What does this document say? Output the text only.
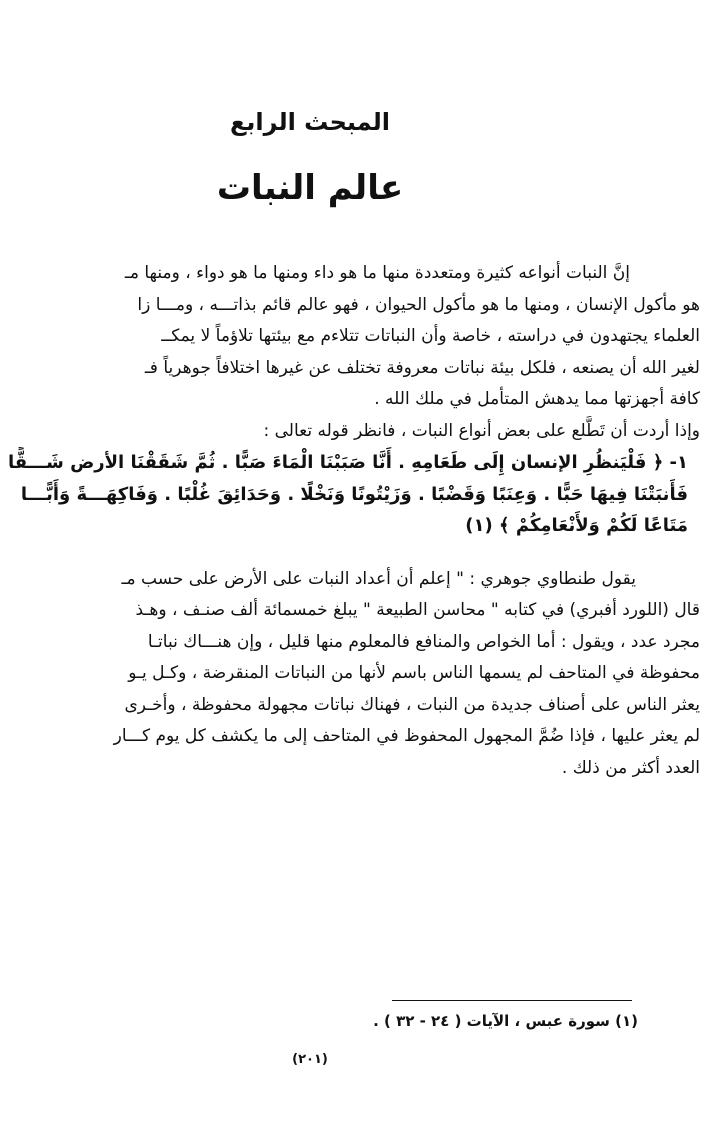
المبحث الرابع
عالم النبات
إنَّ النبات أنواعه كثيرة ومتعددة منها ما هو داء ومنها ما هو دواء ، ومنها مـ
هو مأكول الإنسان ، ومنها ما هو مأكول الحيوان ، فهو عالم قائم بذاتـــه ، ومـــا زا
العلماء يجتهدون في دراسته ، خاصة وأن النباتات تتلاءم مع بيئتها تلاؤماً لا يمكــ
لغير الله أن يصنعه ، فلكل بيئة نباتات معروفة تختلف عن غيرها اختلافاً جوهرياً فـ
كافة أجهزتها مما يدهش المتأمل في ملك الله .
وإذا أردت أن تَطَّلع على بعض أنواع النبات ، فانظر قوله تعالى :
١- ﴿ فَلْيَنظُرِ الإنسان إِلَى طَعَامِهِ . أَنَّا صَبَبْنَا الْمَاءَ صَبًّا . ثُمَّ شَقَقْنَا الأرض شَـــقًّا
فَأَنبَتْنَا فِيهَا حَبًّا . وَعِنَبًا وَقَضْبًا . وَزَيْتُونًا وَنَخْلًا . وَحَدَائِقَ غُلْبًا . وَفَاكِهَـــةً وَأَبًّـــا
مَتَاعًا لَكُمْ وَلأَنْعَامِكُمْ ﴾ (١)
يقول طنطاوي جوهري : " إعلم أن أعداد النبات على الأرض على حسب مـ
قال (اللورد أفبري) في كتابه " محاسن الطبيعة " يبلغ خمسمائة ألف صنـف ، وهـذ
مجرد عدد ، ويقول : أما الخواص والمنافع فالمعلوم منها قليل ، وإن هنـــاك نباتـا
محفوظة في المتاحف لم يسمها الناس باسم لأنها من النباتات المنقرضة ، وكـل يـو
يعثر الناس على أصناف جديدة من النبات ، فهناك نباتات مجهولة محفوظة ، وأخـرى
لم يعثر عليها ، فإذا ضُمَّ المجهول المحفوظ في المتاحف إلى ما يكشف كل يوم كـــار
العدد أكثر من ذلك .
(١) سورة عبس ، الآيات ( ٢٤ - ٣٢ ) .
(٢٠١)
